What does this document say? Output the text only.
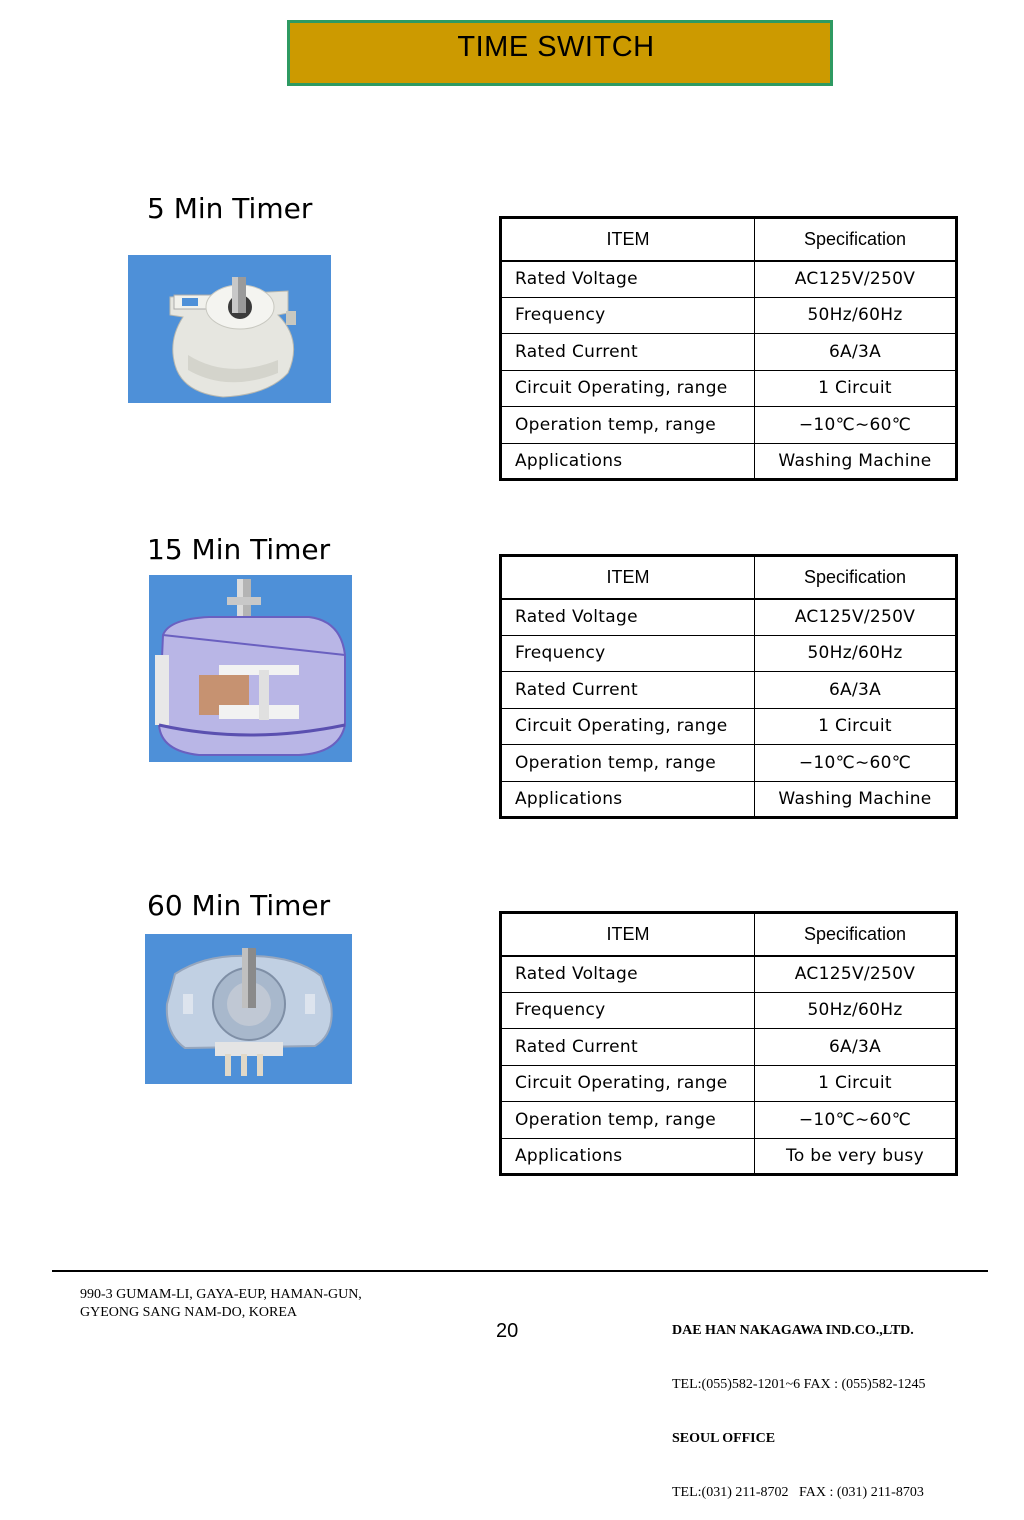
TIME SWITCH
5 Min Timer
ITEM	Specification
Rated Voltage	AC125V/250V
Frequency	50Hz/60Hz
Rated Current	6A/3A
Circuit Operating, range	1 Circuit
Operation temp, range	−10℃∼60℃
Applications	Washing Machine
15 Min Timer
ITEM	Specification
Rated Voltage	AC125V/250V
Frequency	50Hz/60Hz
Rated Current	6A/3A
Circuit Operating, range	1 Circuit
Operation temp, range	−10℃∼60℃
Applications	Washing Machine
60 Min Timer
ITEM	Specification
Rated Voltage	AC125V/250V
Frequency	50Hz/60Hz
Rated Current	6A/3A
Circuit Operating, range	1 Circuit
Operation temp, range	−10℃∼60℃
Applications	To be very busy
990-3 GUMAM-LI, GAYA-EUP, HAMAN-GUN,
GYEONG SANG NAM-DO, KOREA
20

	DAE HAN NAKAGAWA IND.CO.,LTD.

TEL:(055)582-1201~6 FAX : (055)582-1245

SEOUL OFFICE

TEL:(031) 211-8702   FAX : (031) 211-8703
